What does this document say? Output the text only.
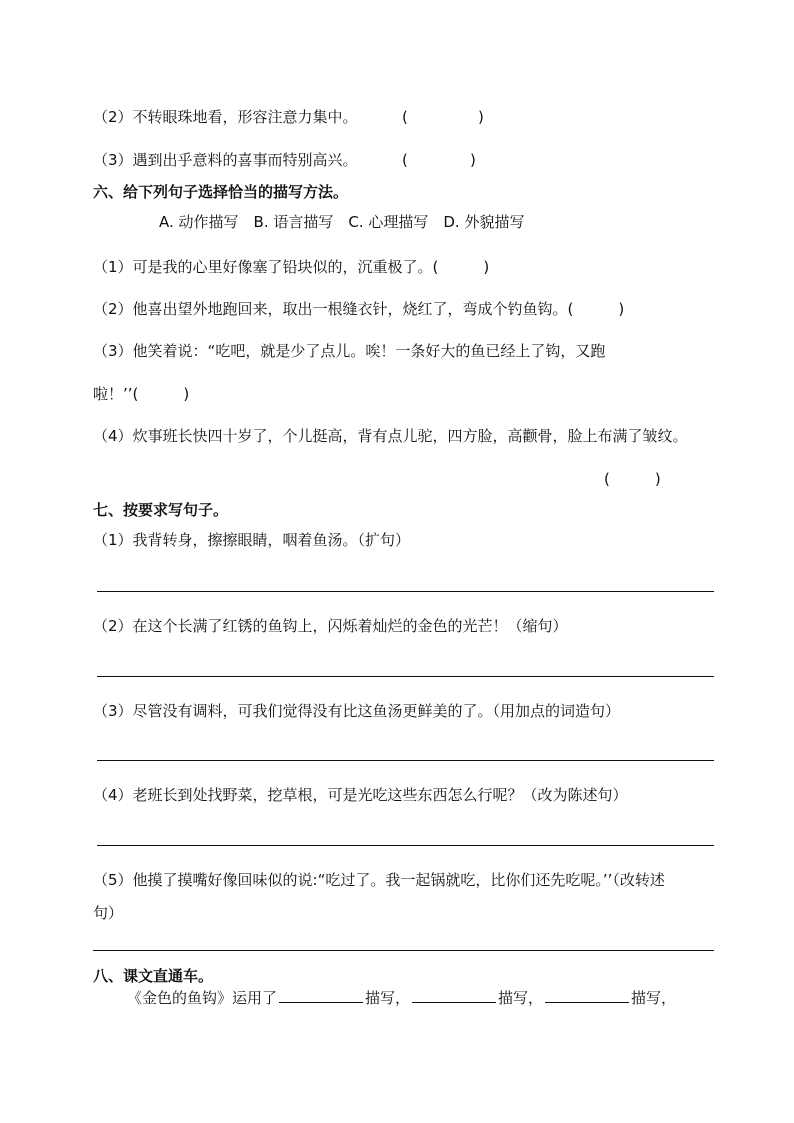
（2）不转眼珠地看，形容注意力集中。	(	)
（3）遇到出乎意料的喜事而特别高兴。	(	)
六、给下列句子选择恰当的描写方法。
A. 动作描写　B. 语言描写　C. 心理描写　D. 外貌描写
（1）可是我的心里好像塞了铅块似的，沉重极了。(　　　)
（2）他喜出望外地跑回来，取出一根缝衣针，烧红了，弯成个钓鱼钩。(　　　)
（3）他笑着说：“吃吧，就是少了点儿。唉！一条好大的鱼已经上了钩，又跑
啦！’’(　　　)
（4）炊事班长快四十岁了，个儿挺高，背有点儿驼，四方脸，高颧骨，脸上布满了皱纹。
(　　　)
七、按要求写句子。
（1）我背转身，擦擦眼睛，咽着鱼汤。（扩句）
（2）在这个长满了红锈的鱼钩上，闪烁着灿烂的金色的光芒！（缩句）
（3）尽管没有调料，可我们觉得没有比这鱼汤更鲜美的了。（用加点的词造句）
（4）老班长到处找野菜，挖草根，可是光吃这些东西怎么行呢？（改为陈述句）
（5）他摸了摸嘴好像回味似的说:“吃过了。我一起锅就吃，比你们还先吃呢。’’（改转述
句）
八、课文直通车。
《金色的鱼钩》运用了	描写，	描写，	描写，
